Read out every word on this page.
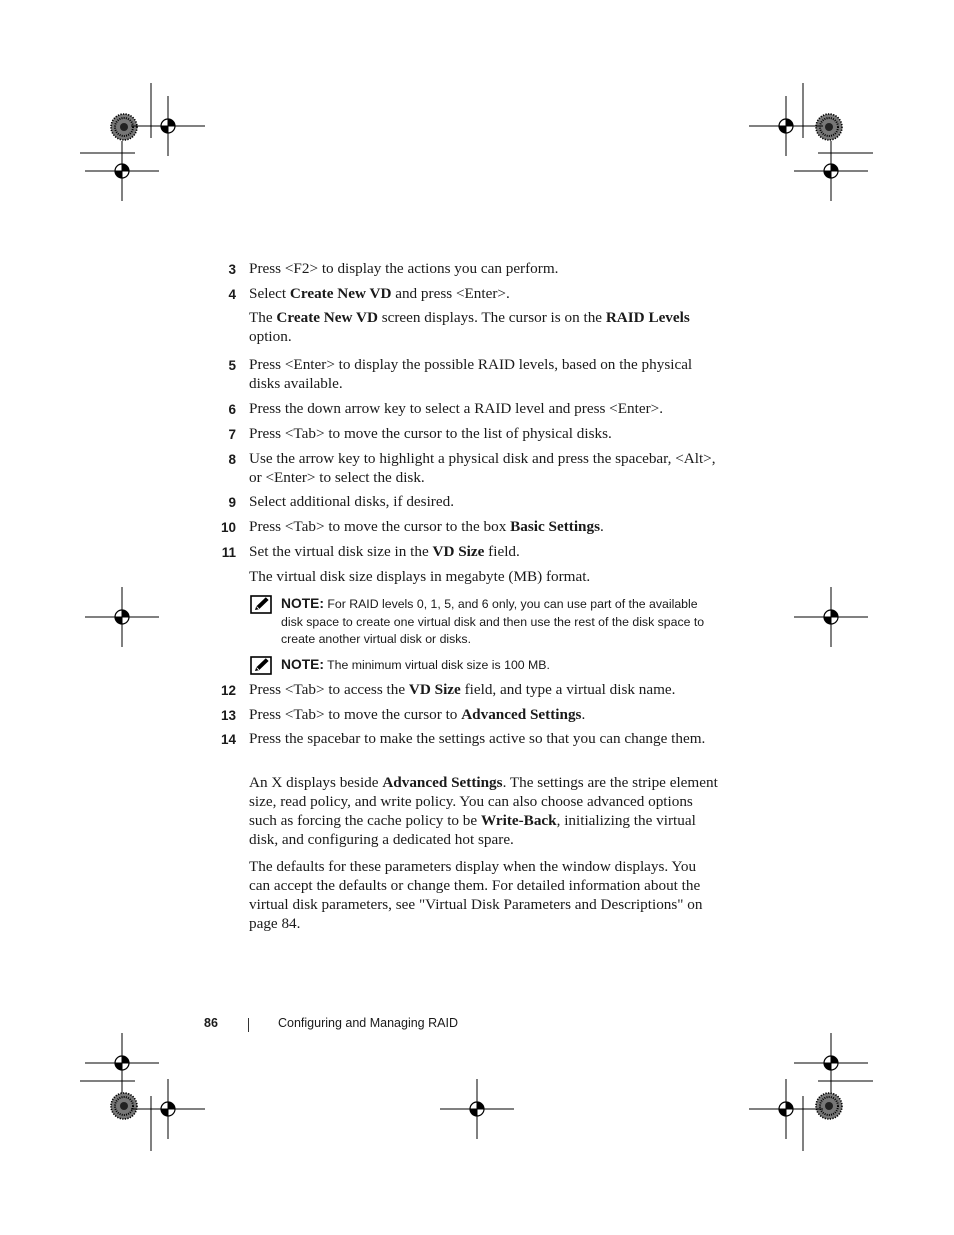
3 Press <F2> to display the actions you can perform.
4 Select Create New VD and press <Enter>.
The Create New VD screen displays. The cursor is on the RAID Levels option.
5 Press <Enter> to display the possible RAID levels, based on the physical disks available.
6 Press the down arrow key to select a RAID level and press <Enter>.
7 Press <Tab> to move the cursor to the list of physical disks.
8 Use the arrow key to highlight a physical disk and press the spacebar, <Alt>, or <Enter> to select the disk.
9 Select additional disks, if desired.
10 Press <Tab> to move the cursor to the box Basic Settings.
11 Set the virtual disk size in the VD Size field.
The virtual disk size displays in megabyte (MB) format.
NOTE: For RAID levels 0, 1, 5, and 6 only, you can use part of the available disk space to create one virtual disk and then use the rest of the disk space to create another virtual disk or disks.
NOTE: The minimum virtual disk size is 100 MB.
12 Press <Tab> to access the VD Size field, and type a virtual disk name.
13 Press <Tab> to move the cursor to Advanced Settings.
14 Press the spacebar to make the settings active so that you can change them.
An X displays beside Advanced Settings. The settings are the stripe element size, read policy, and write policy. You can also choose advanced options such as forcing the cache policy to be Write-Back, initializing the virtual disk, and configuring a dedicated hot spare.
The defaults for these parameters display when the window displays. You can accept the defaults or change them. For detailed information about the virtual disk parameters, see "Virtual Disk Parameters and Descriptions" on page 84.
86	Configuring and Managing RAID
